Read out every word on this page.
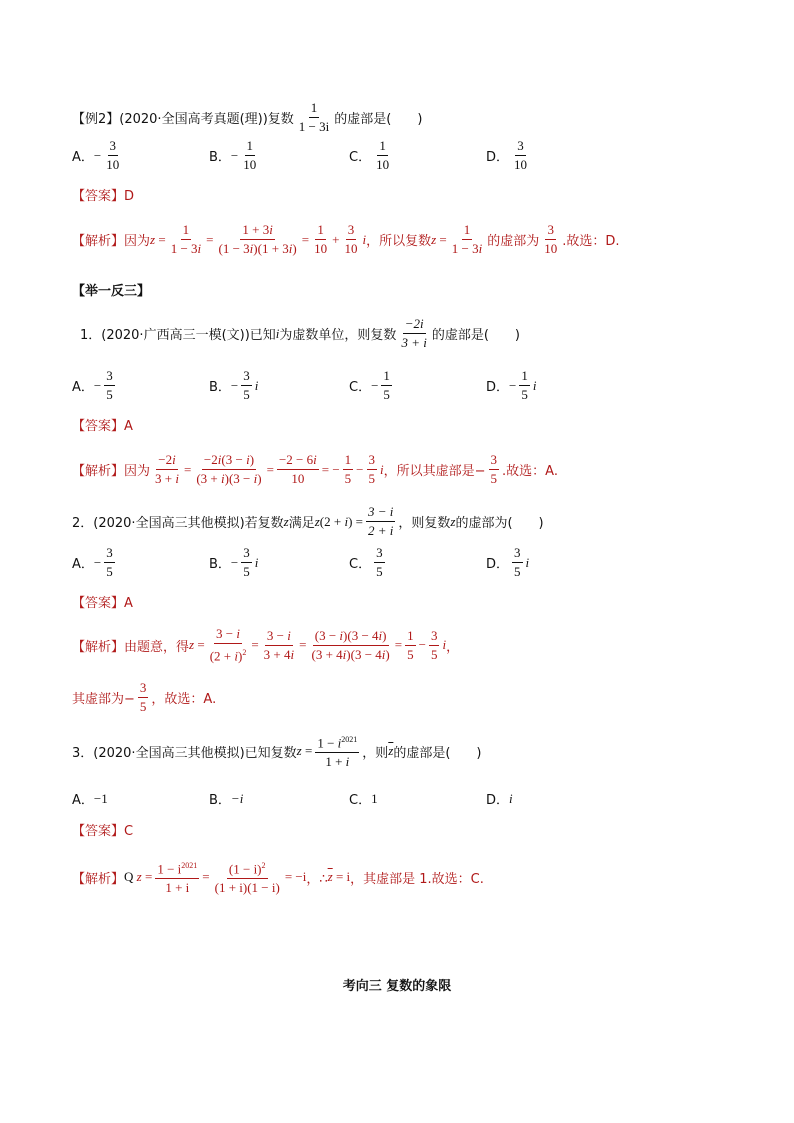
【例2】 (2020·全国高考真题(理))复数 $\frac{1}{1 - 3i}$ 的虚部是(　　)
A． − $\frac{3}{10}$	B． − $\frac{1}{10}$	C． $\frac{1}{10}$	D． $\frac{3}{10}$
【答案】D
【解析】 因为 $z = \frac{1}{1 - 3i} = \frac{1 + 3i}{(1 - 3i)(1 + 3i)} = \frac{1}{10} + \frac{3}{10}$ i ，所以复数 $z = \frac{1}{1 - 3i}$ 的虚部为 $\frac{3}{10}$ .故选：D.
【举一反三】
1． (2020·广西高三一模(文))已知 i 为虚数单位，则复数 $\frac{-2i}{3 + i}$ 的虚部是(　　)
A． − $\frac{3}{5}$	B． − $\frac{3}{5}$ i	C． − $\frac{1}{5}$	D． − $\frac{1}{5}$ i
【答案】A
【解析】 因为 $\frac{-2i}{3 + i} = \frac{-2i(3 - i)}{(3 + i)(3 - i)} = \frac{-2 - 6i}{10}$ = − $\frac{1}{5} - \frac{3}{5}$ i ，所以其虚部是− $\frac{3}{5}$ .故选：A.
2． (2020·全国高三其他模拟)若复数 z 满足 z $(2 + i) = \frac{3 - i}{2 + i}$ ，则复数 z 的虚部为(　　)
A． − $\frac{3}{5}$	B． − $\frac{3}{5}$ i	C． $\frac{3}{5}$	D． $\frac{3}{5}$ i
【答案】A
【解析】 由题意，得 $z = \frac{3 - i}{(2 + i)^2} = \frac{3 - i}{3 + 4i} = \frac{(3 - i)(3 - 4i)}{(3 + 4i)(3 - 4i)} = \frac{1}{5} - \frac{3}{5}$ i ，
其虚部为− $\frac{3}{5}$ ，故选：A.
3． (2020·全国高三其他模拟)已知复数 $z = \frac{1 - i^{2021}}{1 + i}$ ，则 $\overline{z}$ 的虚部是(　　)
A． −1	B． −i	C． 1	D． i
【答案】C
【解析】 Q $z = \frac{1 - i^{2021}}{1 + i} = \frac{(1 - i)^2}{(1 + i)(1 - i)} = -i$ ，∴ $\overline{z} = i$ ，其虚部是 1.故选：C.
考向三 复数的象限
